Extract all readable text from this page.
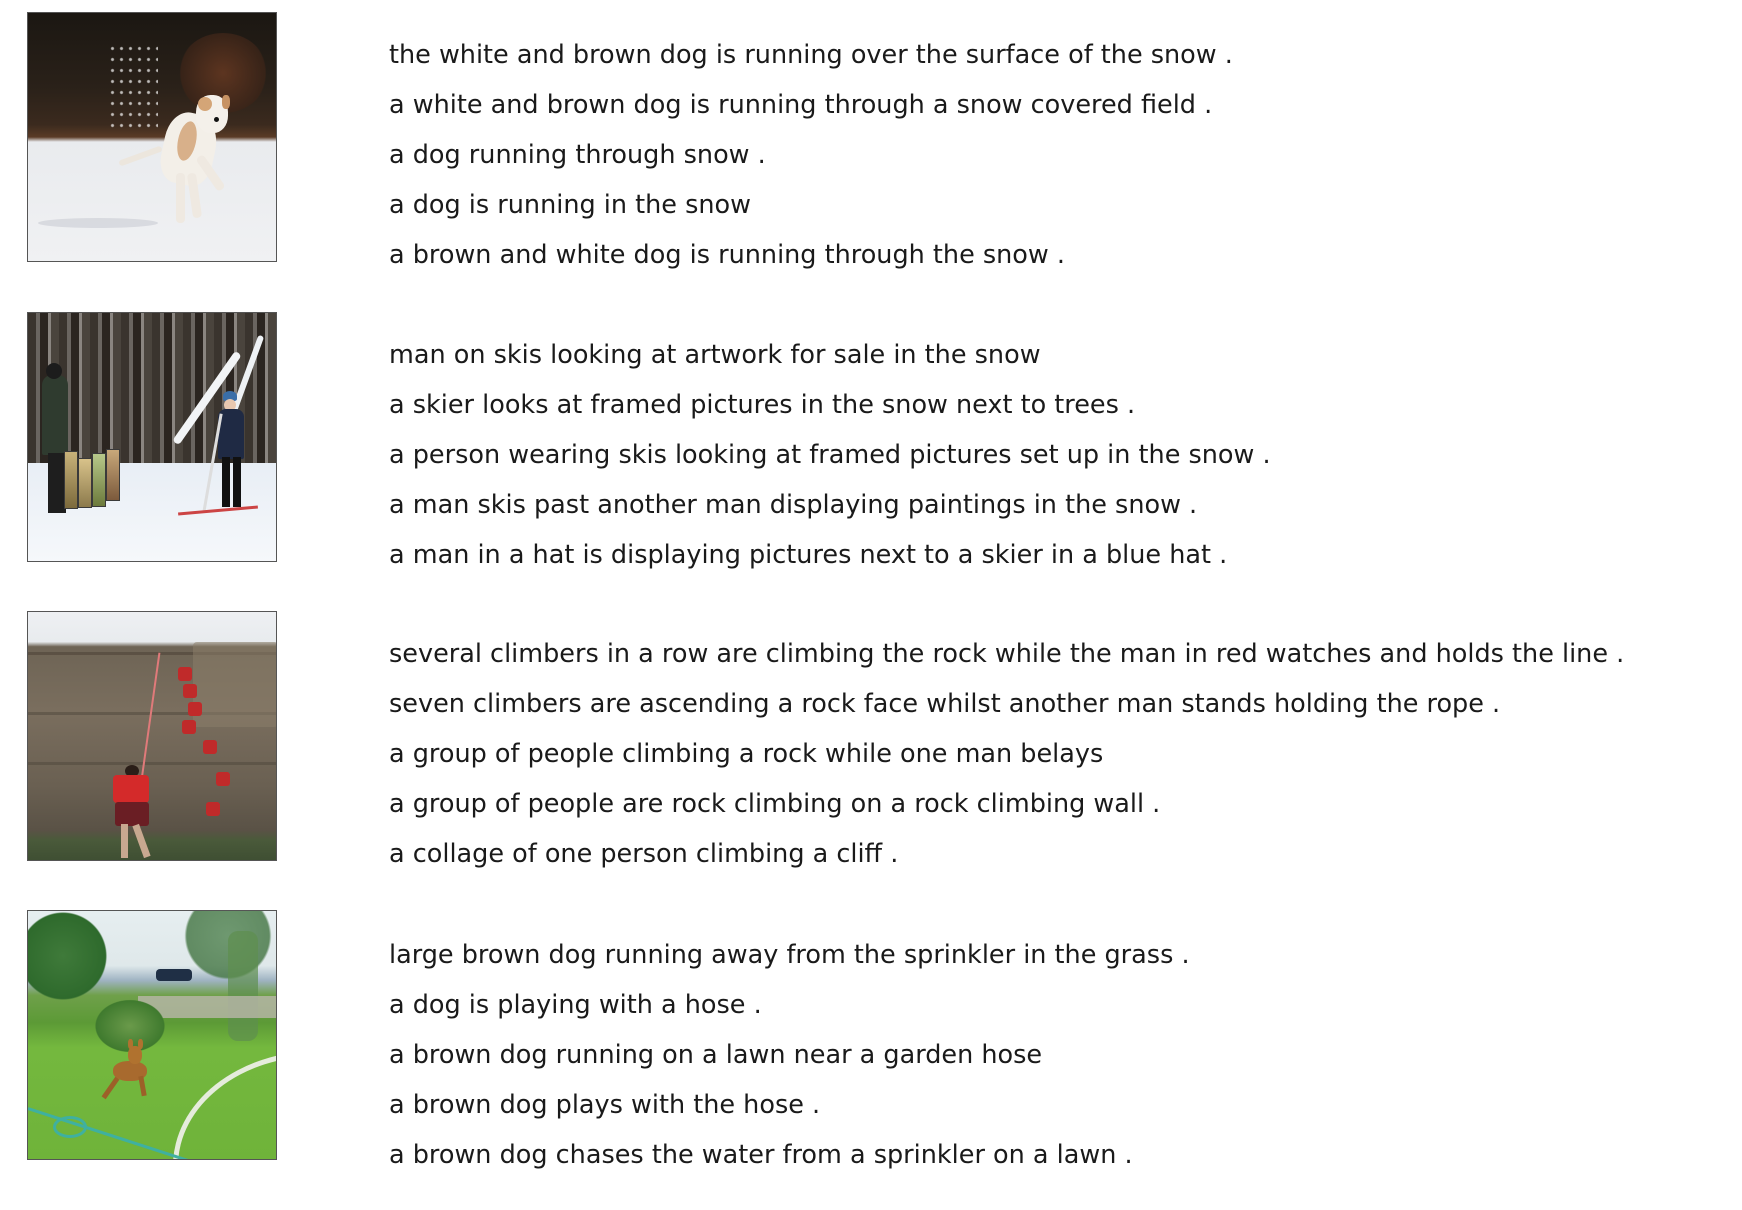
the white and brown dog is running over the surface of the snow .
a white and brown dog is running through a snow covered field .
a dog running through snow .
a dog is running in the snow
a brown and white dog is running through the snow .
man on skis looking at artwork for sale in the snow
a skier looks at framed pictures in the snow next to trees .
a person wearing skis looking at framed pictures set up in the snow .
a man skis past another man displaying paintings in the snow .
a man in a hat is displaying pictures next to a skier in a blue hat .
several climbers in a row are climbing the rock while the man in red watches and holds the line .
seven climbers are ascending a rock face whilst another man stands holding the rope .
a group of people climbing a rock while one man belays
a group of people are rock climbing on a rock climbing wall .
a collage of one person climbing a cliff .
large brown dog running away from the sprinkler in the grass .
a dog is playing with a hose .
a brown dog running on a lawn near a garden hose
a brown dog plays with the hose .
a brown dog chases the water from a sprinkler on a lawn .
